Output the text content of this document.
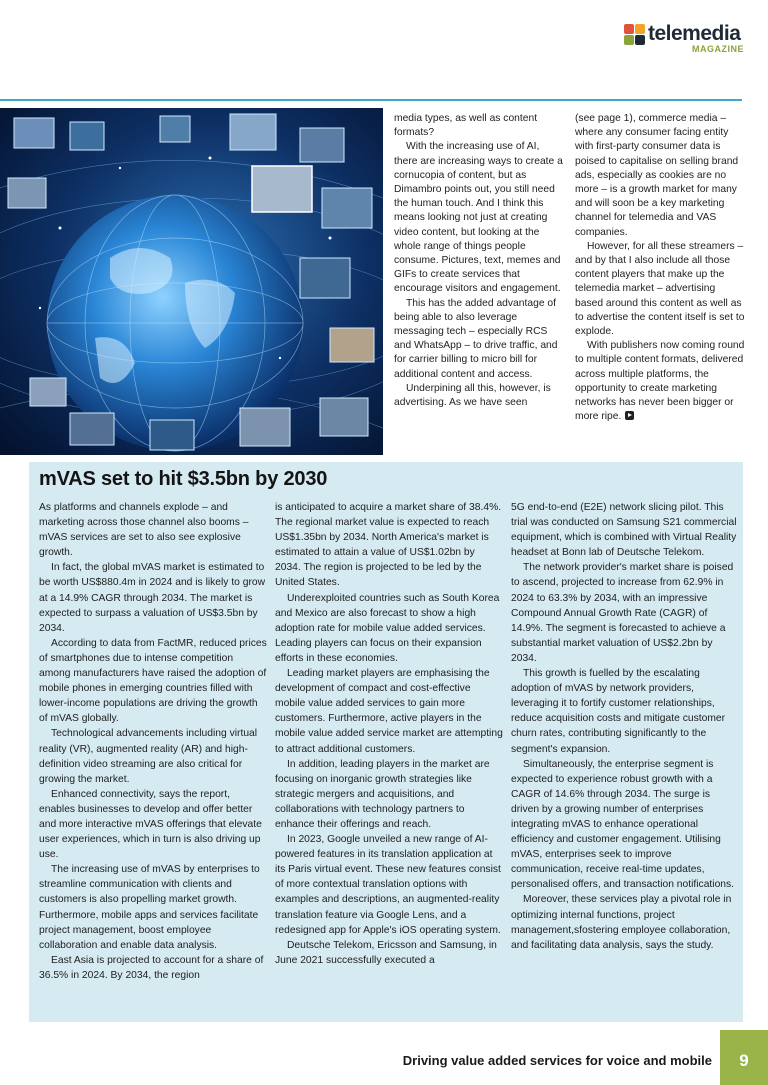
telemedia
MAGAZINE

media types, as well as content formats?

With the increasing use of AI, there are increasing ways to create a cornucopia of content, but as Dimambro points out, you still need the human touch. And I think this means looking not just at creating video content, but looking at the whole range of things people consume. Pictures, text, memes and GIFs to create services that encourage visitors and engagement.

This has the added advantage of being able to also leverage messaging tech – especially RCS and WhatsApp – to drive traffic, and for carrier billing to micro bill for additional content and access.

Underpining all this, however, is advertising. As we have seen

(see page 1), commerce media – where any consumer facing entity with first-party consumer data is poised to capitalise on selling brand ads, especially as cookies are no more – is a growth market for many and will soon be a key marketing channel for telemedia and VAS companies.

However, for all these streamers – and by that I also include all those content players that make up the telemedia market – advertising based around this content as well as to advertise the content itself is set to explode.

With publishers now coming round to multiple content formats, delivered across multiple platforms, the opportunity to create marketing networks has never been bigger or more ripe.

mVAS set to hit $3.5bn by 2030

As platforms and channels explode – and marketing across those channel also booms – mVAS services are set to also see explosive growth.

In fact, the global mVAS market is estimated to be worth US$880.4m in 2024 and is likely to grow at a 14.9% CAGR through 2034. The market is expected to surpass a valuation of US$3.5bn by 2034.

According to data from FactMR, reduced prices of smartphones due to intense competition among manufacturers have raised the adoption of mobile phones in emerging countries filled with lower-income populations are driving the growth of mVAS globally.

Technological advancements including virtual reality (VR), augmented reality (AR) and high-definition video streaming are also critical for growing the market.

Enhanced connectivity, says the report, enables businesses to develop and offer better and more interactive mVAS offerings that elevate user experiences, which in turn is also driving up use.

The increasing use of mVAS by enterprises to streamline communication with clients and customers is also propelling market growth. Furthermore, mobile apps and services facilitate project management, boost employee collaboration and enable data analysis.

East Asia is projected to account for a share of 36.5% in 2024. By 2034, the region

is anticipated to acquire a market share of 38.4%. The regional market value is expected to reach US$1.35bn by 2034. North America's market is estimated to attain a value of US$1.02bn by 2034. The region is projected to be led by the United States.

Underexploited countries such as South Korea and Mexico are also forecast to show a high adoption rate for mobile value added services. Leading players can focus on their expansion efforts in these economies.

Leading market players are emphasising the development of compact and cost-effective mobile value added services to gain more customers. Furthermore, active players in the mobile value added service market are attempting to attract additional customers.

In addition, leading players in the market are focusing on inorganic growth strategies like strategic mergers and acquisitions, and collaborations with technology partners to enhance their offerings and reach.

In 2023, Google unveiled a new range of AI-powered features in its translation application at its Paris virtual event. These new features consist of more contextual translation options with examples and descriptions, an augmented-reality translation feature via Google Lens, and a redesigned app for Apple's iOS operating system.

Deutsche Telekom, Ericsson and Samsung, in June 2021 successfully executed a

5G end-to-end (E2E) network slicing pilot. This trial was conducted on Samsung S21 commercial equipment, which is combined with Virtual Reality headset at Bonn lab of Deutsche Telekom.

The network provider's market share is poised to ascend, projected to increase from 62.9% in 2024 to 63.3% by 2034, with an impressive Compound Annual Growth Rate (CAGR) of 14.9%. The segment is forecasted to achieve a substantial market valuation of US$2.2bn by 2034.

This growth is fuelled by the escalating adoption of mVAS by network providers, leveraging it to fortify customer relationships, reduce acquisition costs and mitigate customer churn rates, contributing significantly to the segment's expansion.

Simultaneously, the enterprise segment is expected to experience robust growth with a CAGR of 14.6% through 2034. The surge is driven by a growing number of enterprises integrating mVAS to enhance operational efficiency and customer engagement. Utilising mVAS, enterprises seek to improve communication, receive real-time updates, personalised offers, and transaction notifications.

Moreover, these services play a pivotal role in optimizing internal functions, project management,sfostering employee collaboration, and facilitating data analysis, says the study.

Driving value added services for voice and mobile	9
